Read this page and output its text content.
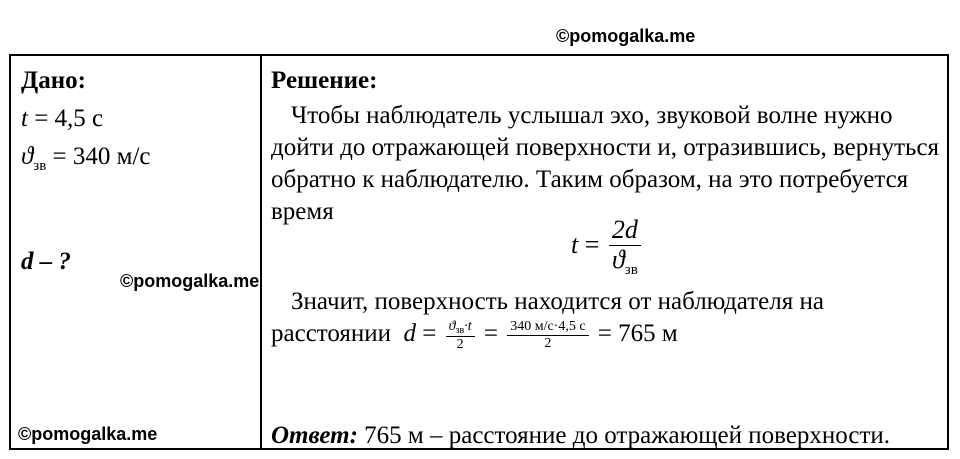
©pomogalka.me
Дано:
t = 4,5 с
$ϑ_{зв} = 340$ м/с
d – ?
Решение:

Чтобы наблюдатель услышал эхо, звуковой волне нужно дойти до отражающей поверхности и, отразившись, вернуться обратно к наблюдателю. Таким образом, на это потребуется время

$t = \frac{2d}{ϑ_{зв}}$
Значит, поверхность находится от наблюдателя на
расстоянии $d = \frac{ϑ_{зв}\cdot t}{2} = \frac{340 м/с\cdot 4,5 с}{2} = 765$ м
Ответ: 765 м – расстояние до отражающей поверхности.
©pomogalka.me
©pomogalka.me
